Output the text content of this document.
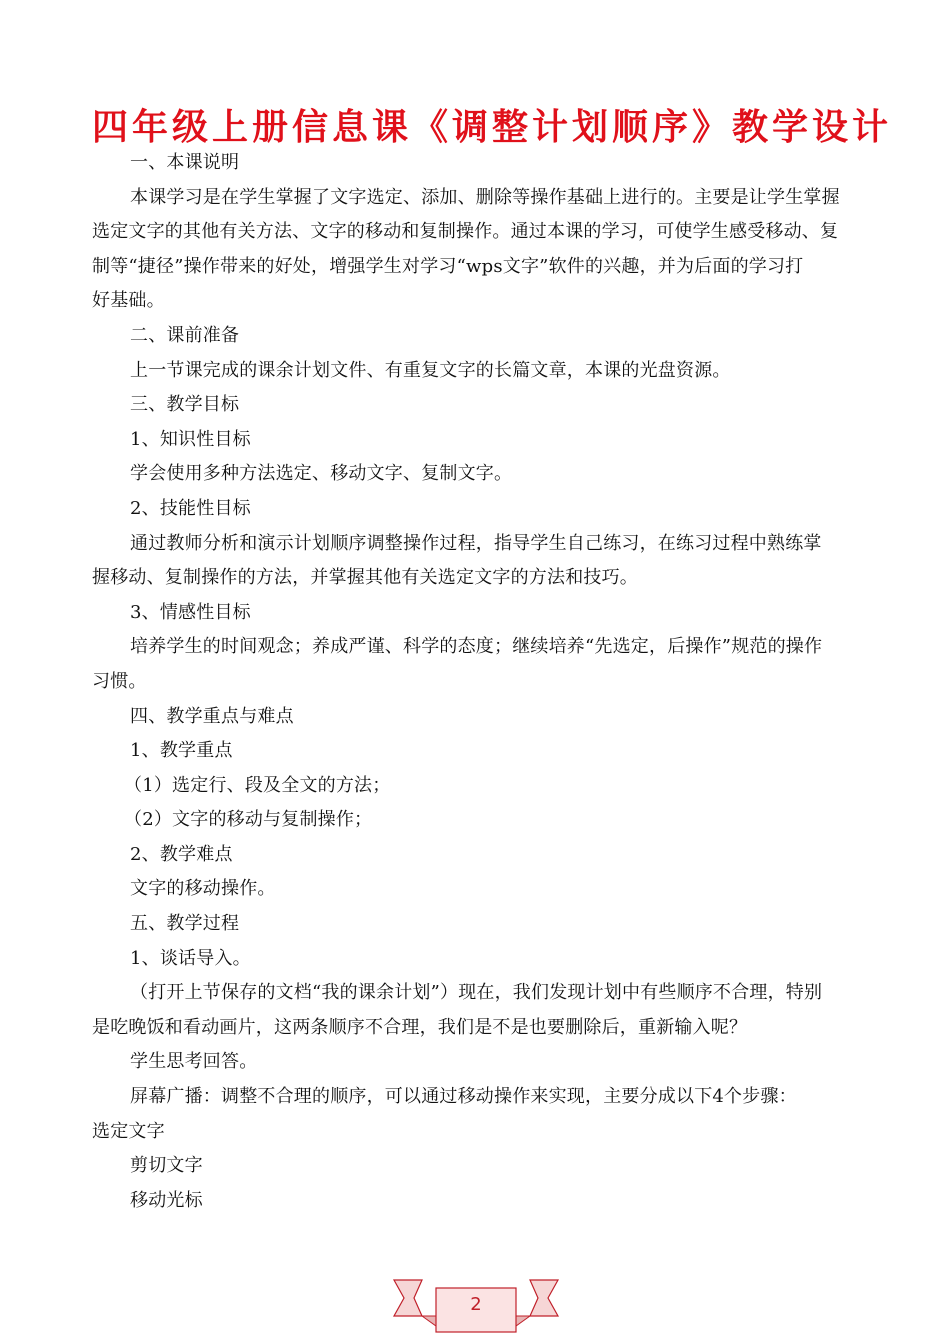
四年级上册信息课《调整计划顺序》教学设计
一、本课说明
本课学习是在学生掌握了文字选定、添加、删除等操作基础上进行的。主要是让学生掌握
选定文字的其他有关方法、文字的移动和复制操作。通过本课的学习，可使学生感受移动、复
制等“捷径”操作带来的好处，增强学生对学习“wps文字”软件的兴趣，并为后面的学习打
好基础。
二、课前准备
上一节课完成的课余计划文件、有重复文字的长篇文章，本课的光盘资源。
三、教学目标
1、知识性目标
学会使用多种方法选定、移动文字、复制文字。
2、技能性目标
通过教师分析和演示计划顺序调整操作过程，指导学生自己练习，在练习过程中熟练掌
握移动、复制操作的方法，并掌握其他有关选定文字的方法和技巧。
3、情感性目标
培养学生的时间观念；养成严谨、科学的态度；继续培养“先选定，后操作”规范的操作
习惯。
四、教学重点与难点
1、教学重点
（1）选定行、段及全文的方法；
（2）文字的移动与复制操作；
2、教学难点
文字的移动操作。
五、教学过程
1、谈话导入。
（打开上节保存的文档“我的课余计划”）现在，我们发现计划中有些顺序不合理，特别
是吃晚饭和看动画片，这两条顺序不合理，我们是不是也要删除后，重新输入呢？
学生思考回答。
屏幕广播：调整不合理的顺序，可以通过移动操作来实现，主要分成以下4个步骤：
选定文字
剪切文字
移动光标
2
